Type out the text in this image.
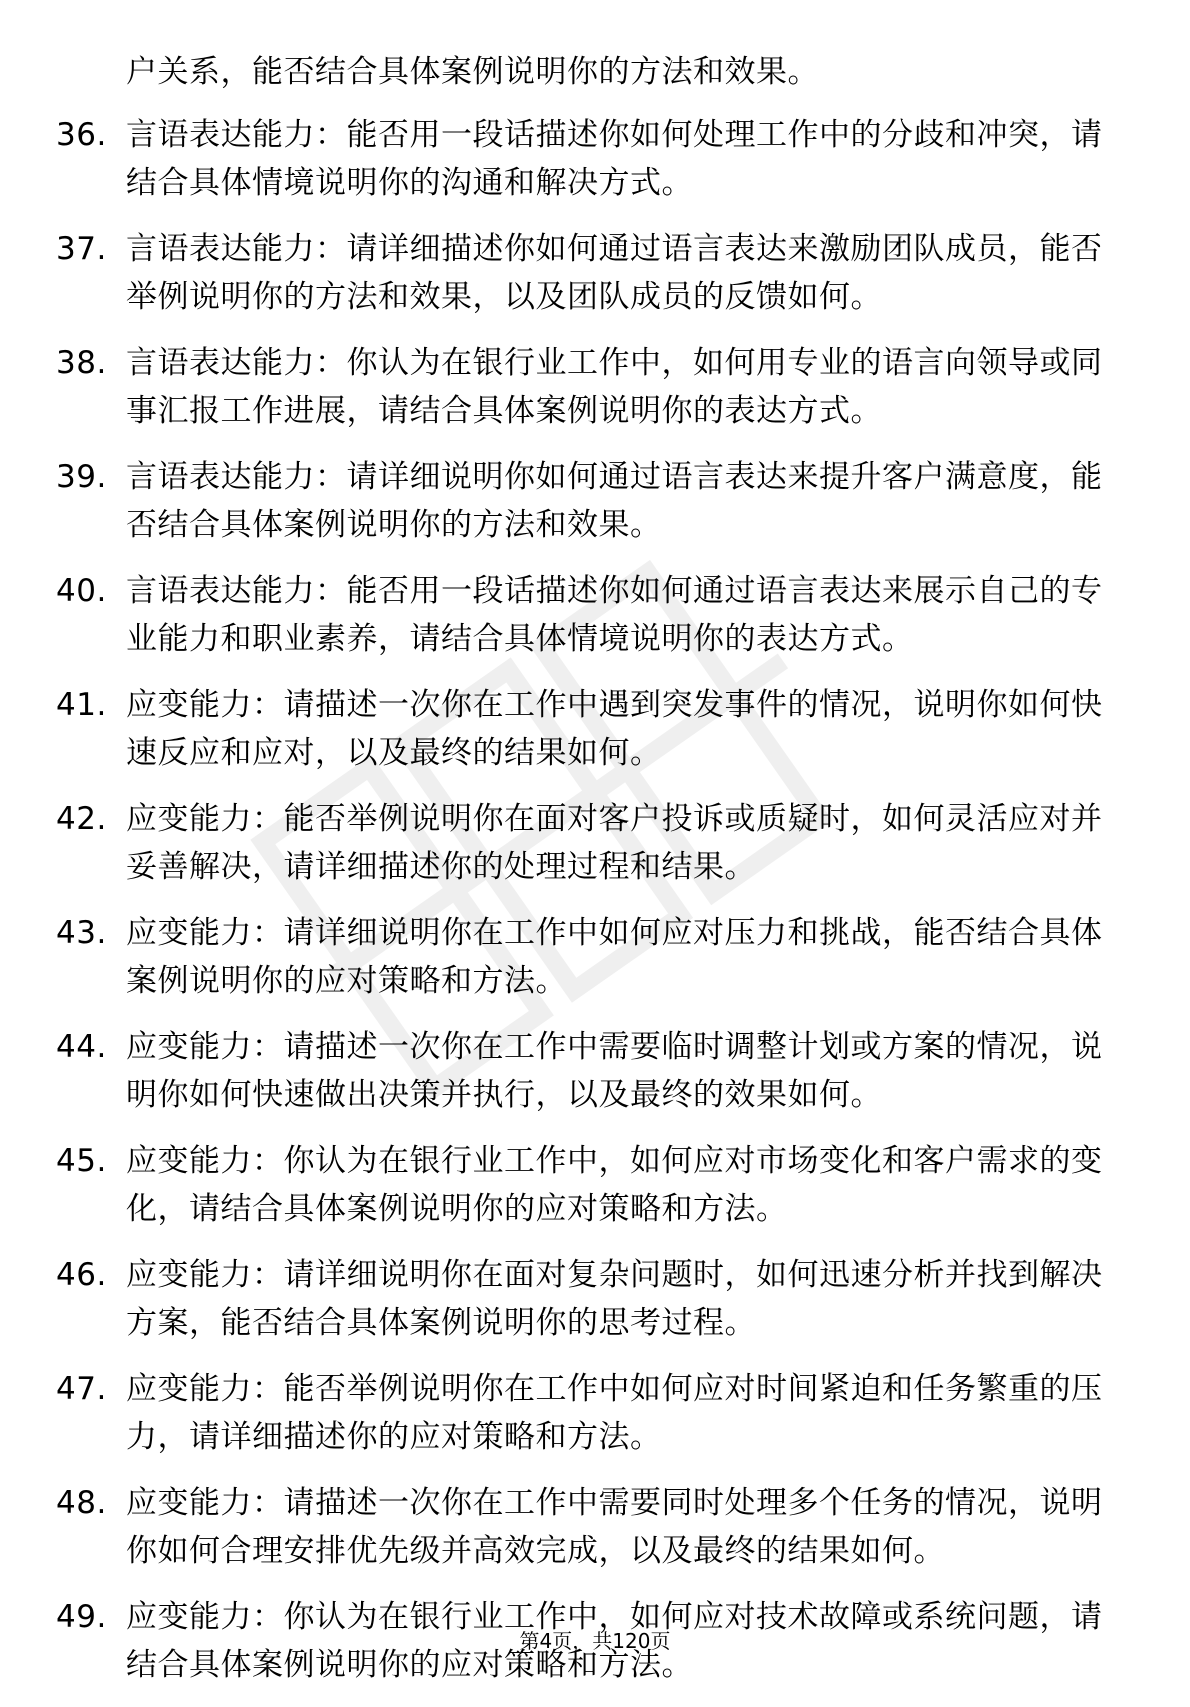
户关系，能否结合具体案例说明你的方法和效果。
36. 言语表达能力：能否用一段话描述你如何处理工作中的分歧和冲突，请结合具体情境说明你的沟通和解决方式。
37. 言语表达能力：请详细描述你如何通过语言表达来激励团队成员，能否举例说明你的方法和效果，以及团队成员的反馈如何。
38. 言语表达能力：你认为在银行业工作中，如何用专业的语言向领导或同事汇报工作进展，请结合具体案例说明你的表达方式。
39. 言语表达能力：请详细说明你如何通过语言表达来提升客户满意度，能否结合具体案例说明你的方法和效果。
40. 言语表达能力：能否用一段话描述你如何通过语言表达来展示自己的专业能力和职业素养，请结合具体情境说明你的表达方式。
41. 应变能力：请描述一次你在工作中遇到突发事件的情况，说明你如何快速反应和应对，以及最终的结果如何。
42. 应变能力：能否举例说明你在面对客户投诉或质疑时，如何灵活应对并妥善解决，请详细描述你的处理过程和结果。
43. 应变能力：请详细说明你在工作中如何应对压力和挑战，能否结合具体案例说明你的应对策略和方法。
44. 应变能力：请描述一次你在工作中需要临时调整计划或方案的情况，说明你如何快速做出决策并执行，以及最终的效果如何。
45. 应变能力：你认为在银行业工作中，如何应对市场变化和客户需求的变化，请结合具体案例说明你的应对策略和方法。
46. 应变能力：请详细说明你在面对复杂问题时，如何迅速分析并找到解决方案，能否结合具体案例说明你的思考过程。
47. 应变能力：能否举例说明你在工作中如何应对时间紧迫和任务繁重的压力，请详细描述你的应对策略和方法。
48. 应变能力：请描述一次你在工作中需要同时处理多个任务的情况，说明你如何合理安排优先级并高效完成，以及最终的结果如何。
49. 应变能力：你认为在银行业工作中，如何应对技术故障或系统问题，请结合具体案例说明你的应对策略和方法。
第4页，共120页
